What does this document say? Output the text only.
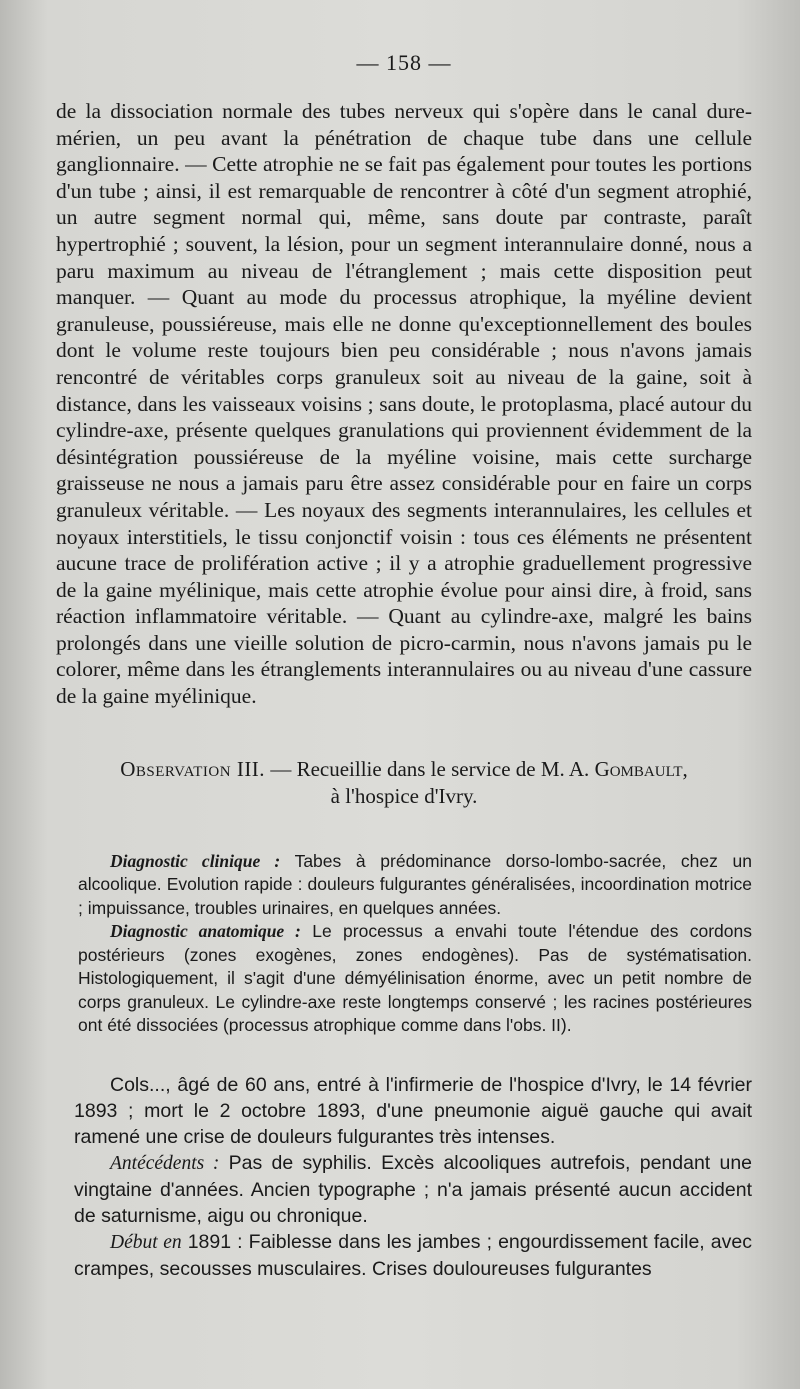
— 158 —

de la dissociation normale des tubes nerveux qui s'opère dans le canal dure-mérien, un peu avant la pénétration de chaque tube dans une cellule ganglionnaire. — Cette atrophie ne se fait pas également pour toutes les portions d'un tube ; ainsi, il est remarquable de rencontrer à côté d'un segment atrophié, un autre segment normal qui, même, sans doute par contraste, paraît hypertrophié ; souvent, la lésion, pour un segment interannulaire donné, nous a paru maximum au niveau de l'étranglement ; mais cette disposition peut manquer. — Quant au mode du processus atrophique, la myéline devient granuleuse, poussiéreuse, mais elle ne donne qu'exceptionnellement des boules dont le volume reste toujours bien peu considérable ; nous n'avons jamais rencontré de véritables corps granuleux soit au niveau de la gaine, soit à distance, dans les vaisseaux voisins ; sans doute, le protoplasma, placé autour du cylindre-axe, présente quelques granulations qui proviennent évidemment de la désintégration poussiéreuse de la myéline voisine, mais cette surcharge graisseuse ne nous a jamais paru être assez considérable pour en faire un corps granuleux véritable. — Les noyaux des segments interannulaires, les cellules et noyaux interstitiels, le tissu conjonctif voisin : tous ces éléments ne présentent aucune trace de prolifération active ; il y a atrophie graduellement progressive de la gaine myélinique, mais cette atrophie évolue pour ainsi dire, à froid, sans réaction inflammatoire véritable. — Quant au cylindre-axe, malgré les bains prolongés dans une vieille solution de picro-carmin, nous n'avons jamais pu le colorer, même dans les étranglements interannulaires ou au niveau d'une cassure de la gaine myélinique.

Observation III. — Recueillie dans le service de M. A. Gombault,
à l'hospice d'Ivry.

Diagnostic clinique : Tabes à prédominance dorso-lombo-sacrée, chez un alcoolique. Evolution rapide : douleurs fulgurantes généralisées, incoordination motrice ; impuissance, troubles urinaires, en quelques années.

Diagnostic anatomique : Le processus a envahi toute l'étendue des cordons postérieurs (zones exogènes, zones endogènes). Pas de systématisation. Histologiquement, il s'agit d'une démyélinisation énorme, avec un petit nombre de corps granuleux. Le cylindre-axe reste longtemps conservé ; les racines postérieures ont été dissociées (processus atrophique comme dans l'obs. II).

Cols..., âgé de 60 ans, entré à l'infirmerie de l'hospice d'Ivry, le 14 février 1893 ; mort le 2 octobre 1893, d'une pneumonie aiguë gauche qui avait ramené une crise de douleurs fulgurantes très intenses.

Antécédents : Pas de syphilis. Excès alcooliques autrefois, pendant une vingtaine d'années. Ancien typographe ; n'a jamais présenté aucun accident de saturnisme, aigu ou chronique.

Début en 1891 : Faiblesse dans les jambes ; engourdissement facile, avec crampes, secousses musculaires. Crises douloureuses fulgurantes
